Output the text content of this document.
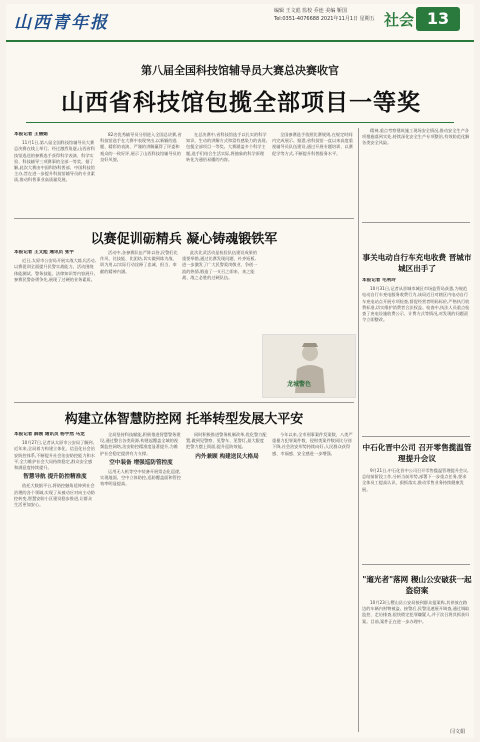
山西青年报
编辑 王文彪 监校 乔连 美编 靳国
Tel:0351-4076688 2021年11月1日 星期五 社会 13
第八届全国科技馆辅导员大赛总决赛收官
山西省科技馆包揽全部项目一等奖
本报记者 王丽娟

11月1日,第八届全国科技馆辅导员大赛总决赛在线上举行。经过激烈角逐,山西省科技馆选送的参赛选手获得科学表演、科学实验、科技辅导三项赛事的全部一等奖。据了解,此次大赛由中国科协科普部、中国科技馆主办,旨在进一步提升科技馆辅导员的专业素质,推动科普事业高质量发展。

82名优秀辅导员分别进入全国总决赛,省科技馆选手在大赛中表现突出,以新颖的选题、精彩的表演、严谨的讲解赢得了评委和观众的一致好评,展示了山西科技馆辅导员的良好风貌。

在总决赛中,省科技馆选手以扎实的科学知识、生动的讲解方式和富有感染力的表现,包揽全部项目一等奖。大赛涵盖多个科学主题,选手们结合生活实际,将抽象的科学原理转化为通俗易懂的内容。

全国参赛选手依照比赛规则,在规定时间内完成展示。据悉,省科技馆一直以来高度重视辅导员队伍建设,通过开展专题培训、以赛促学等方式,不断提升科普服务水平。

精神,重点考察建筑施工现场安全情况,推动安全生产各项措施落到实处,持续深化安全生产专项整治,有效防范化解各类安全风险。

事关电动自行车充电收费 晋城市城区出手了
本报记者 毛利玲

10月31日,记者从晋城市城区市场监管局获悉,为规范电动自行车充电服务收费行为,该局近日对辖区内电动自行车充电站点开展专项检查,督促经营者明码标价,严格执行收费标准,切实维护消费者合法权益。检查中,执法人员重点检查了充电设施收费公示、计费方式等情况,对发现的问题责令立即整改。

以赛促训砺精兵 凝心铸魂锻铁军
本报记者 王文彪 通讯员 张宇

近日,太原市公安局开展实战大练兵活动,以赛促训全面提升民警实战能力。活动围绕体能测试、警务技能、法律知识等内容展开,参赛民警奋勇争先,展现了过硬的业务素质。

活动中,各参赛队伍严阵以待,民警们比作风、比技能、比团结,切实做到练为战、训为用,以实际行动诠释了忠诚、担当、奉献的精神内涵。

此次比武活动是检验队伍建设成果的重要举措,通过比赛发现问题、补齐短板,进一步激发了广大民警爱岗敬业、争创一流的热情,锻造了一支召之即来、来之能战、战之必胜的过硬队伍。

龙城警色
构建立体智慧防控网 托举转型发展大平安
本报记者 薛刚 通讯员 杨宇然 马龙

10月27日,记者从太原市公安局了解到,近年来,全局着力构建立体化、信息化社会治安防控体系,不断提升社会治安防控能力和水平,全力维护社会大局持续稳定,群众安全感和满意度持续提升。

智慧导航 提升防控精准度

依托大数据平台,将防控触角延伸到社会治理的各个领域,实现了从被动应对向主动防控转变,智慧安防小区建设稳步推进,让群众生活更加安心。

全局坚持科技赋能,积极推进智慧警务建设,通过整合各类资源,构建起覆盖全域的视频监控网络,治安防控精准度显著提升,为维护社会稳定提供有力支撑。

空中装备 增强巡防管控度

运用无人机等空中装备开展常态化巡逻,实现地面、空中立体防控,巡防覆盖面和管控效率明显提高。

同时积极推进警务机制改革,优化警力配置,做到见警察、见警车、见警灯,最大限度把警力摆上街面,提升巡防效能。

内外兼顾 构建送民大格局

今年以来,全市刑事案件发案数、八类严重暴力犯罪案件数、侵财类案件数同比分别下降,社会治安形势持续向好,人民群众获得感、幸福感、安全感进一步增强。

中石化晋中公司 召开零售揽温管理提升会议

9月21日,中石化晋中公司召开零售揽温管理提升会议,总结前阶段工作,分析当前形势,部署下一步重点任务,要求全体员工提高认识、狠抓落实,推动零售业务持续健康发展。

"遛光者"落网 稷山公安破获一起盗窃案

10月23日,稷山县公安局接到群众报案称,其停放在路边的车辆内财物被盗。接警后,民警迅速展开调查,通过调取监控、走访排查,很快锁定犯罪嫌疑人,并于次日将其抓获归案。目前,案件正在进一步办理中。

闫文娟
